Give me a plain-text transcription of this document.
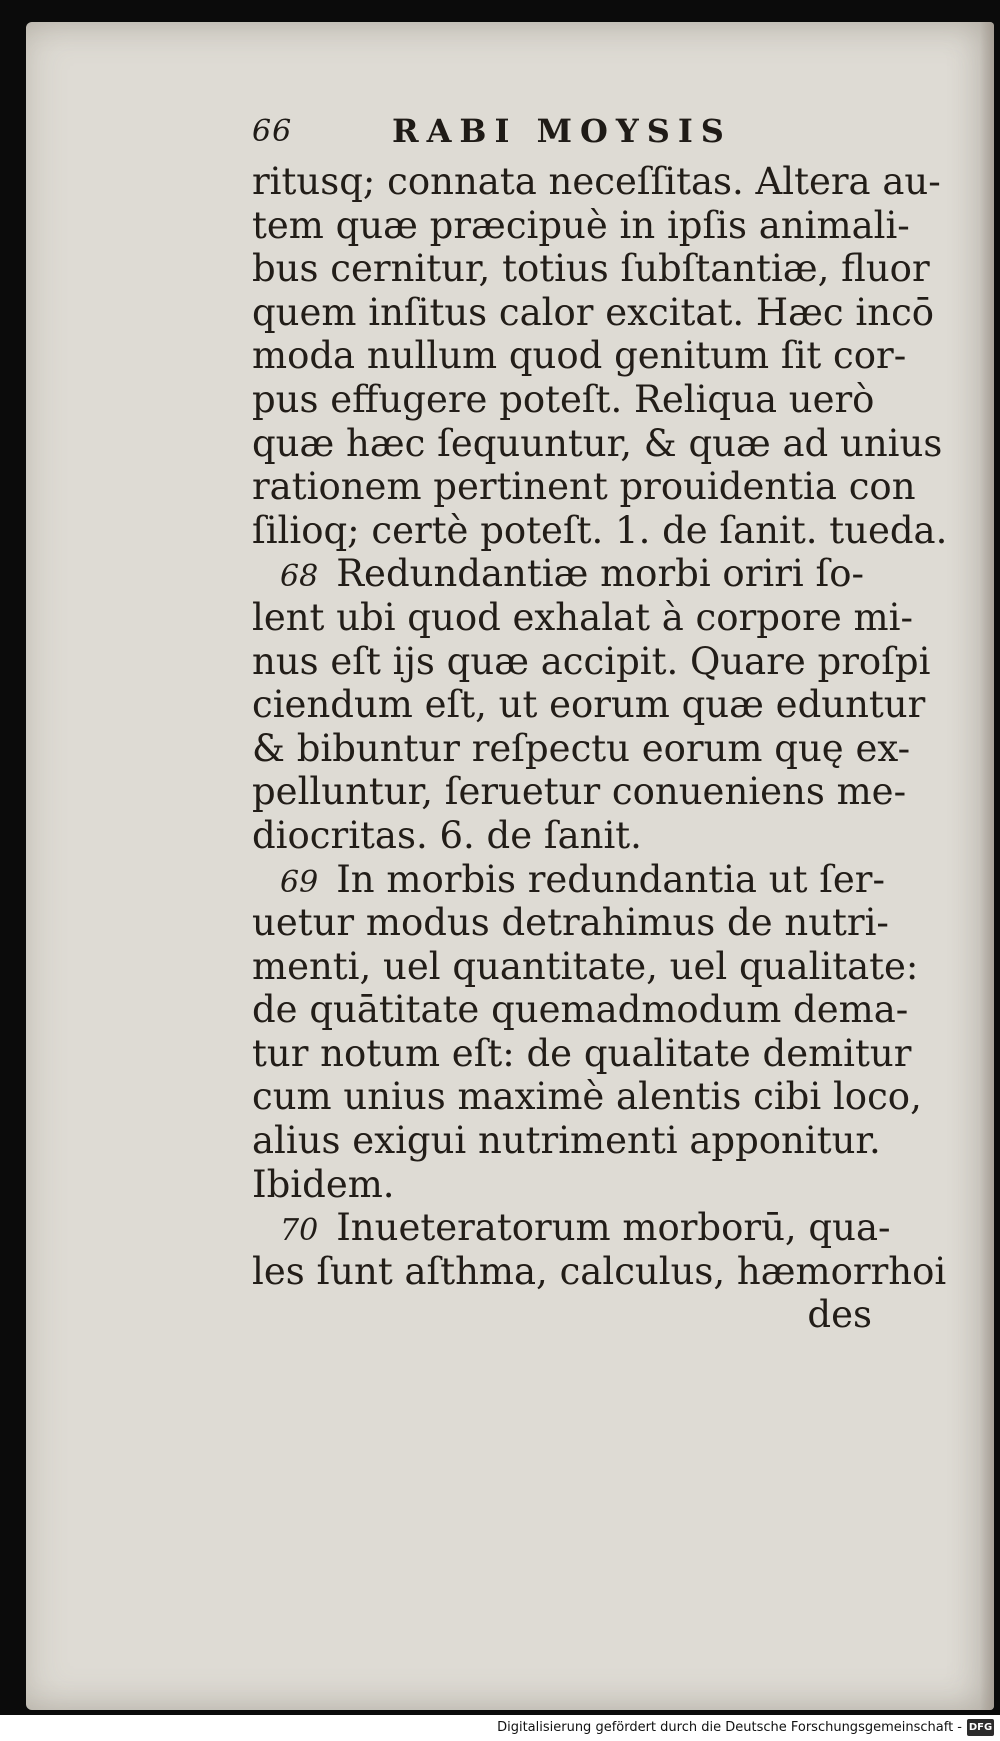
66	RABI MOYSIS
ritusq; connata neceſſitas. Altera au-
tem quæ præcipuè in ipſis animali-
bus cernitur, totius ſubſtantiæ, fluor
quem inſitus calor excitat. Hæc incō
moda nullum quod genitum ſit cor-
pus effugere poteſt. Reliqua uerò
quæ hæc ſequuntur, & quæ ad unius
rationem pertinent prouidentia con
ſilioq; certè poteſt. 1. de ſanit. tueda.
68 Redundantiæ morbi oriri ſo-
lent ubi quod exhalat à corpore mi-
nus eſt ijs quæ accipit. Quare proſpi
ciendum eſt, ut eorum quæ eduntur
& bibuntur reſpectu eorum quę ex-
pelluntur, ſeruetur conueniens me-
diocritas. 6. de ſanit.
69 In morbis redundantia ut ſer-
uetur modus detrahimus de nutri-
menti, uel quantitate, uel qualitate:
de quātitate quemadmodum dema-
tur notum eſt: de qualitate demitur
cum unius maximè alentis cibi loco,
alius exigui nutrimenti apponitur.
Ibidem.
70 Inueteratorum morborū, qua-
les ſunt aſthma, calculus, hæmorrhoi
des
Digitalisierung gefördert durch die Deutsche Forschungsgemeinschaft - DFG
